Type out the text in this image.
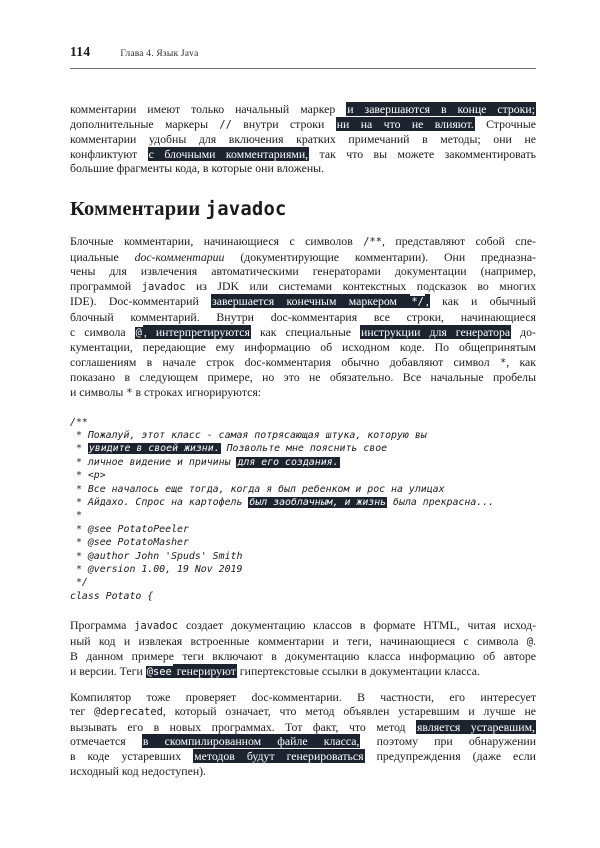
114	Глава 4. Язык Java
комментарии имеют только начальный маркер и завершаются в конце строки;
дополнительные маркеры // внутри строки ни на что не влияют. Строчные
комментарии удобны для включения кратких примечаний в методы; они не
конфликтуют с блочными комментариями, так что вы можете закомментировать
большие фрагменты кода, в которые они вложены.
Комментарии javadoc
Блочные комментарии, начинающиеся с символов /**, представляют собой спе-
циальные doc-комментарии (документирующие комментарии). Они предназна-
чены для извлечения автоматическими генераторами документации (например,
программой javadoc из JDK или системами контекстных подсказок во многих
IDE). Doc-комментарий завершается конечным маркером */ , как и обычный
блочный комментарий. Внутри doc-комментария все строки, начинающиеся
с символа @ , интерпретируются как специальные инструкции для генератора до-
кументации, передающие ему информацию об исходном коде. По общепринятым
соглашениям в начале строк doc-комментария обычно добавляют символ *, как
показано в следующем примере, но это не обязательно. Все начальные пробелы
и символы * в строках игнорируются:
/**
* Пожалуй, этот класс - самая потрясающая штука, которую вы
* увидите в своей жизни. Позвольте мне пояснить свое
* личное видение и причины для его создания.
* <p>
* Все началось еще тогда, когда я был ребенком и рос на улицах
* Айдахо. Спрос на картофель был заоблачным, и жизнь была прекрасна...
*
* @see PotatoPeeler
* @see PotatoMasher
* @author John 'Spuds' Smith
* @version 1.00, 19 Nov 2019
*/
class Potato {
Программа javadoc создает документацию классов в формате HTML, читая исход-
ный код и извлекая встроенные комментарии и теги, начинающиеся с символа @.
В данном примере теги включают в документацию класса информацию об авторе
и версии. Теги @see генерируют гипертекстовые ссылки в документации класса.
Компилятор тоже проверяет doc-комментарии. В частности, его интересует
тег @deprecated, который означает, что метод объявлен устаревшим и лучше не
вызывать его в новых программах. Тот факт, что метод является устаревшим,
отмечается в скомпилированном файле класса, поэтому при обнаружении
в коде устаревших методов будут генерироваться предупреждения (даже если
исходный код недоступен).
